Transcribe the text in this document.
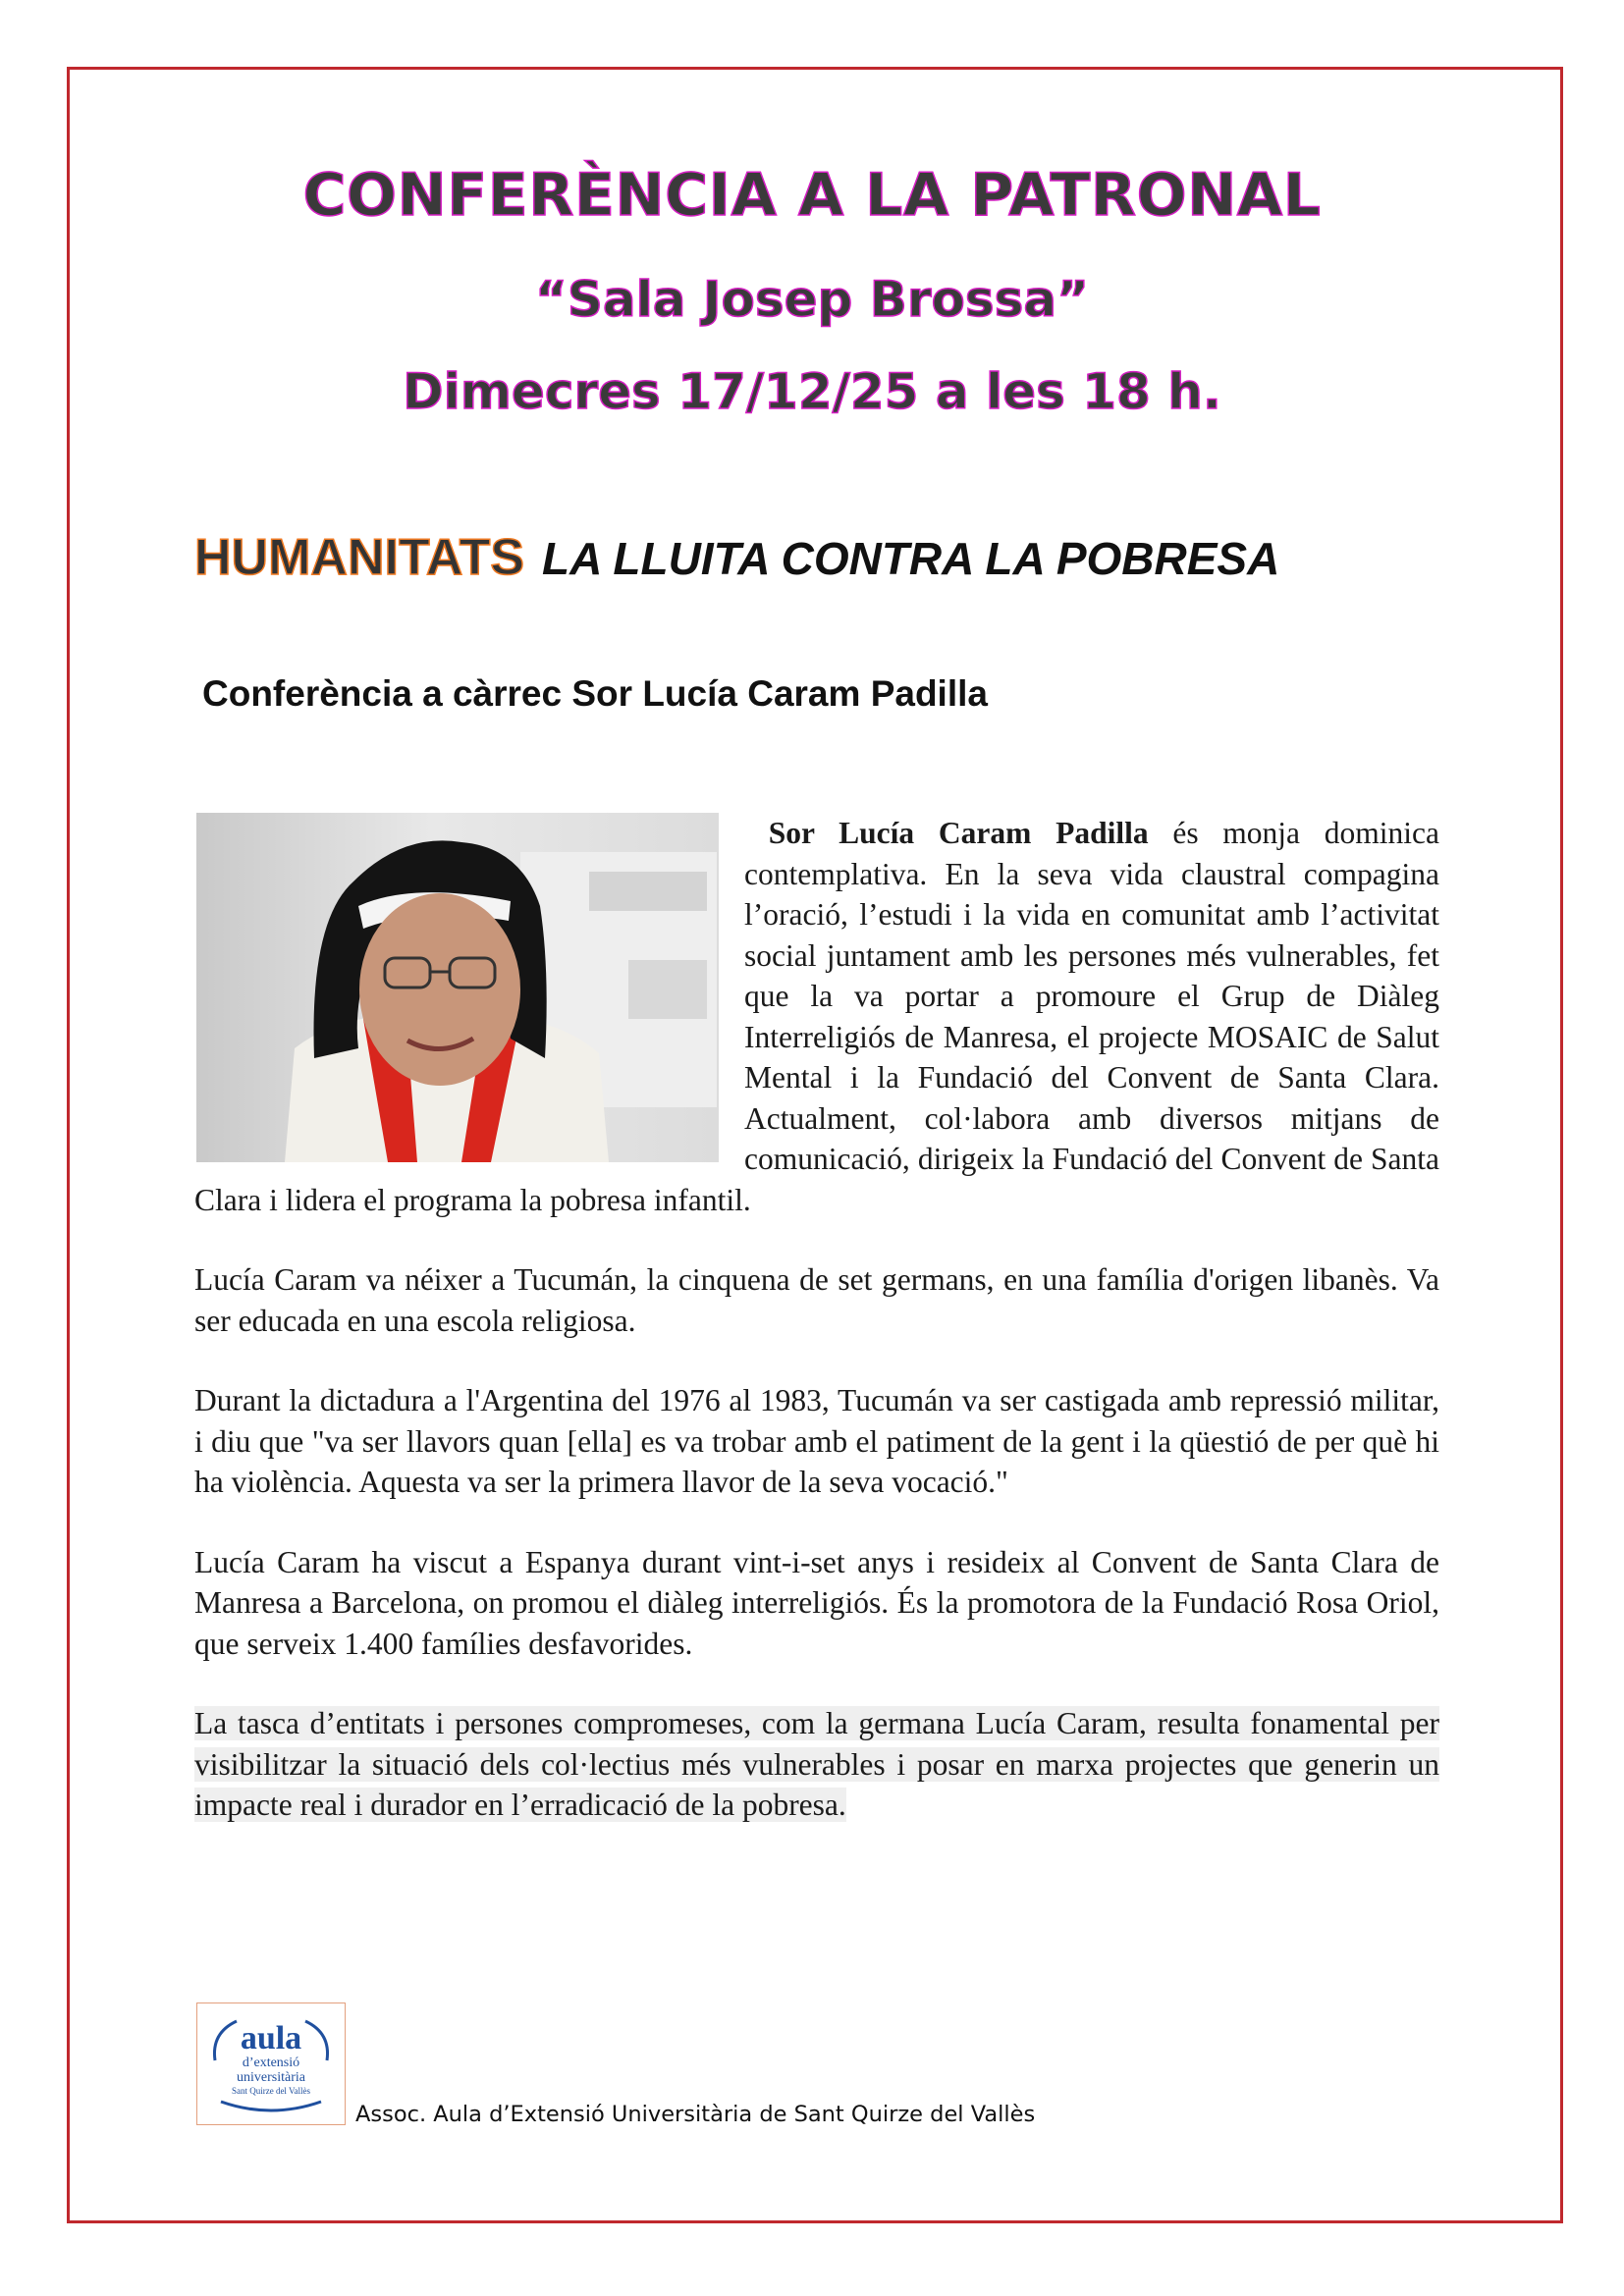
CONFERÈNCIA A LA PATRONAL
“Sala Josep Brossa”
Dimecres 17/12/25 a les 18 h.

HUMANITATS LA LLUITA CONTRA LA POBRESA

Conferència a càrrec Sor Lucía Caram Padilla

Sor Lucía Caram Padilla és monja dominica contemplativa. En la seva vida claustral compagina l’oració, l’estudi i la vida en comunitat amb l’activitat social juntament amb les persones més vulnerables, fet que la va portar a promoure el Grup de Diàleg Interreligiós de Manresa, el projecte MOSAIC de Salut Mental i la Fundació del Convent de Santa Clara. Actualment, col·labora amb diversos mitjans de comunicació, dirigeix la Fundació del Convent de Santa Clara i lidera el programa la pobresa infantil.

Lucía Caram va néixer a Tucumán, la cinquena de set germans, en una família d'origen libanès. Va ser educada en una escola religiosa.

Durant la dictadura a l'Argentina del 1976 al 1983, Tucumán va ser castigada amb repressió militar, i diu que "va ser llavors quan [ella] es va trobar amb el patiment de la gent i la qüestió de per què hi ha violència. Aquesta va ser la primera llavor de la seva vocació."

Lucía Caram ha viscut a Espanya durant vint-i-set anys i resideix al Convent de Santa Clara de Manresa a Barcelona, on promou el diàleg interreligiós. És la promotora de la Fundació Rosa Oriol, que serveix 1.400 famílies desfavorides.

La tasca d’entitats i persones compromeses, com la germana Lucía Caram, resulta fonamental per visibilitzar la situació dels col·lectius més vulnerables i posar en marxa projectes que generin un impacte real i durador en l’erradicació de la pobresa.

aula
d’extensió
universitària
Sant Quirze del Vallès

Assoc. Aula d’Extensió Universitària de Sant Quirze del Vallès
